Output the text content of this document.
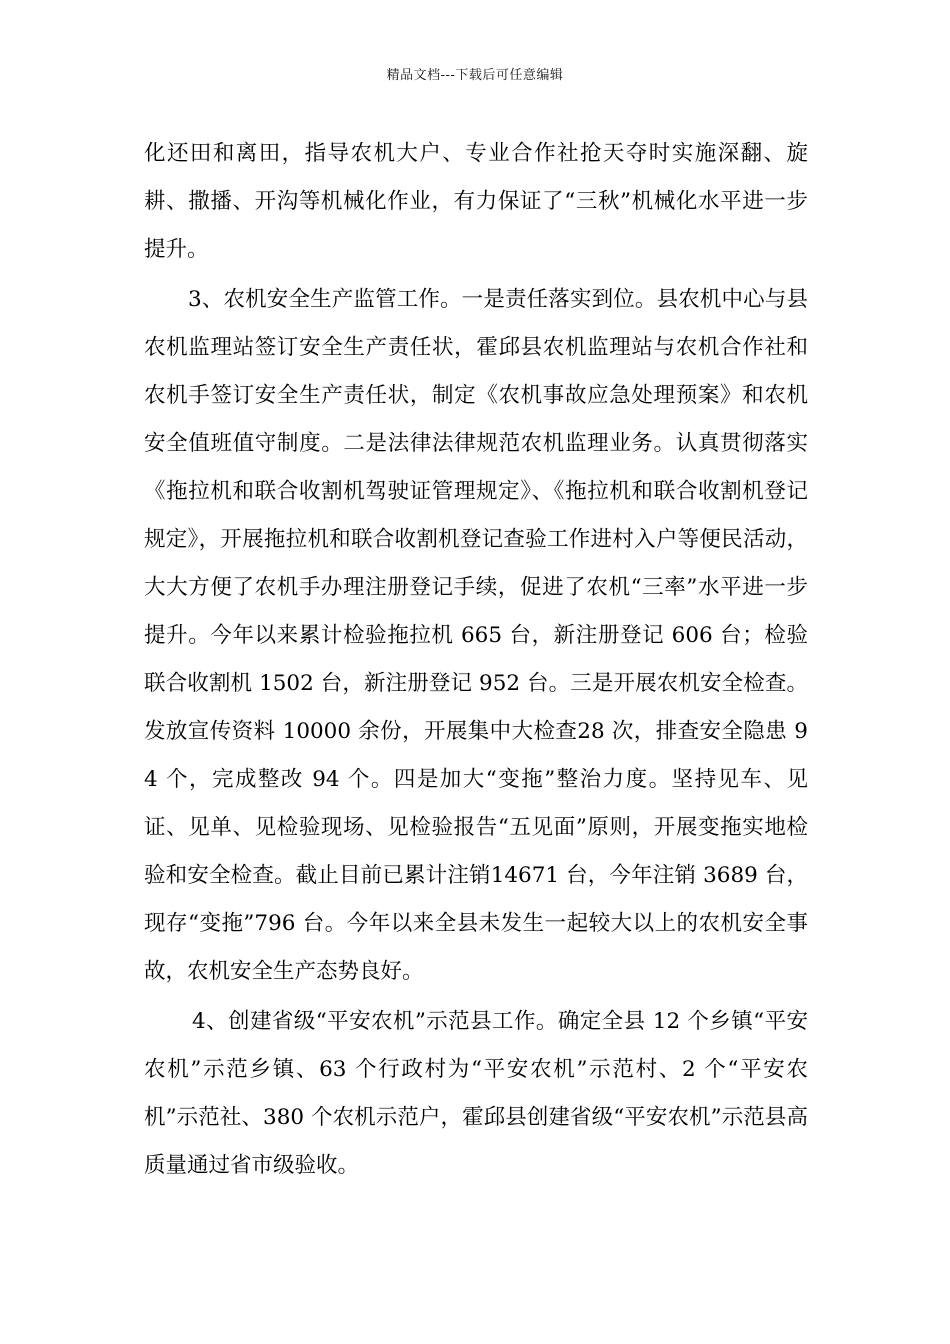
精品文档---下载后可任意编辑

化还田和离田，指导农机大户、专业合作社抢天夺时实施深翻、旋耕、撒播、开沟等机械化作业，有力保证了“三秋”机械化水平进一步提升。

3、农机安全生产监管工作。一是责任落实到位。县农机中心与县农机监理站签订安全生产责任状，霍邱县农机监理站与农机合作社和农机手签订安全生产责任状，制定《农机事故应急处理预案》和农机安全值班值守制度。二是法律法律规范农机监理业务。认真贯彻落实《拖拉机和联合收割机驾驶证管理规定》、《拖拉机和联合收割机登记规定》，开展拖拉机和联合收割机登记查验工作进村入户等便民活动，大大方便了农机手办理注册登记手续，促进了农机“三率”水平进一步提升。今年以来累计检验拖拉机 665 台，新注册登记 606 台；检验联合收割机 1502 台，新注册登记 952 台。三是开展农机安全检查。发放宣传资料 10000 余份，开展集中大检查28 次，排查安全隐患 94 个，完成整改 94 个。四是加大“变拖”整治力度。坚持见车、见证、见单、见检验现场、见检验报告“五见面”原则，开展变拖实地检验和安全检查。截止目前已累计注销14671 台，今年注销 3689 台，现存“变拖”796 台。今年以来全县未发生一起较大以上的农机安全事故，农机安全生产态势良好。

4、创建省级“平安农机”示范县工作。确定全县 12 个乡镇“平安农机”示范乡镇、63 个行政村为“平安农机”示范村、2 个“平安农机”示范社、380 个农机示范户，霍邱县创建省级“平安农机”示范县高质量通过省市级验收。
